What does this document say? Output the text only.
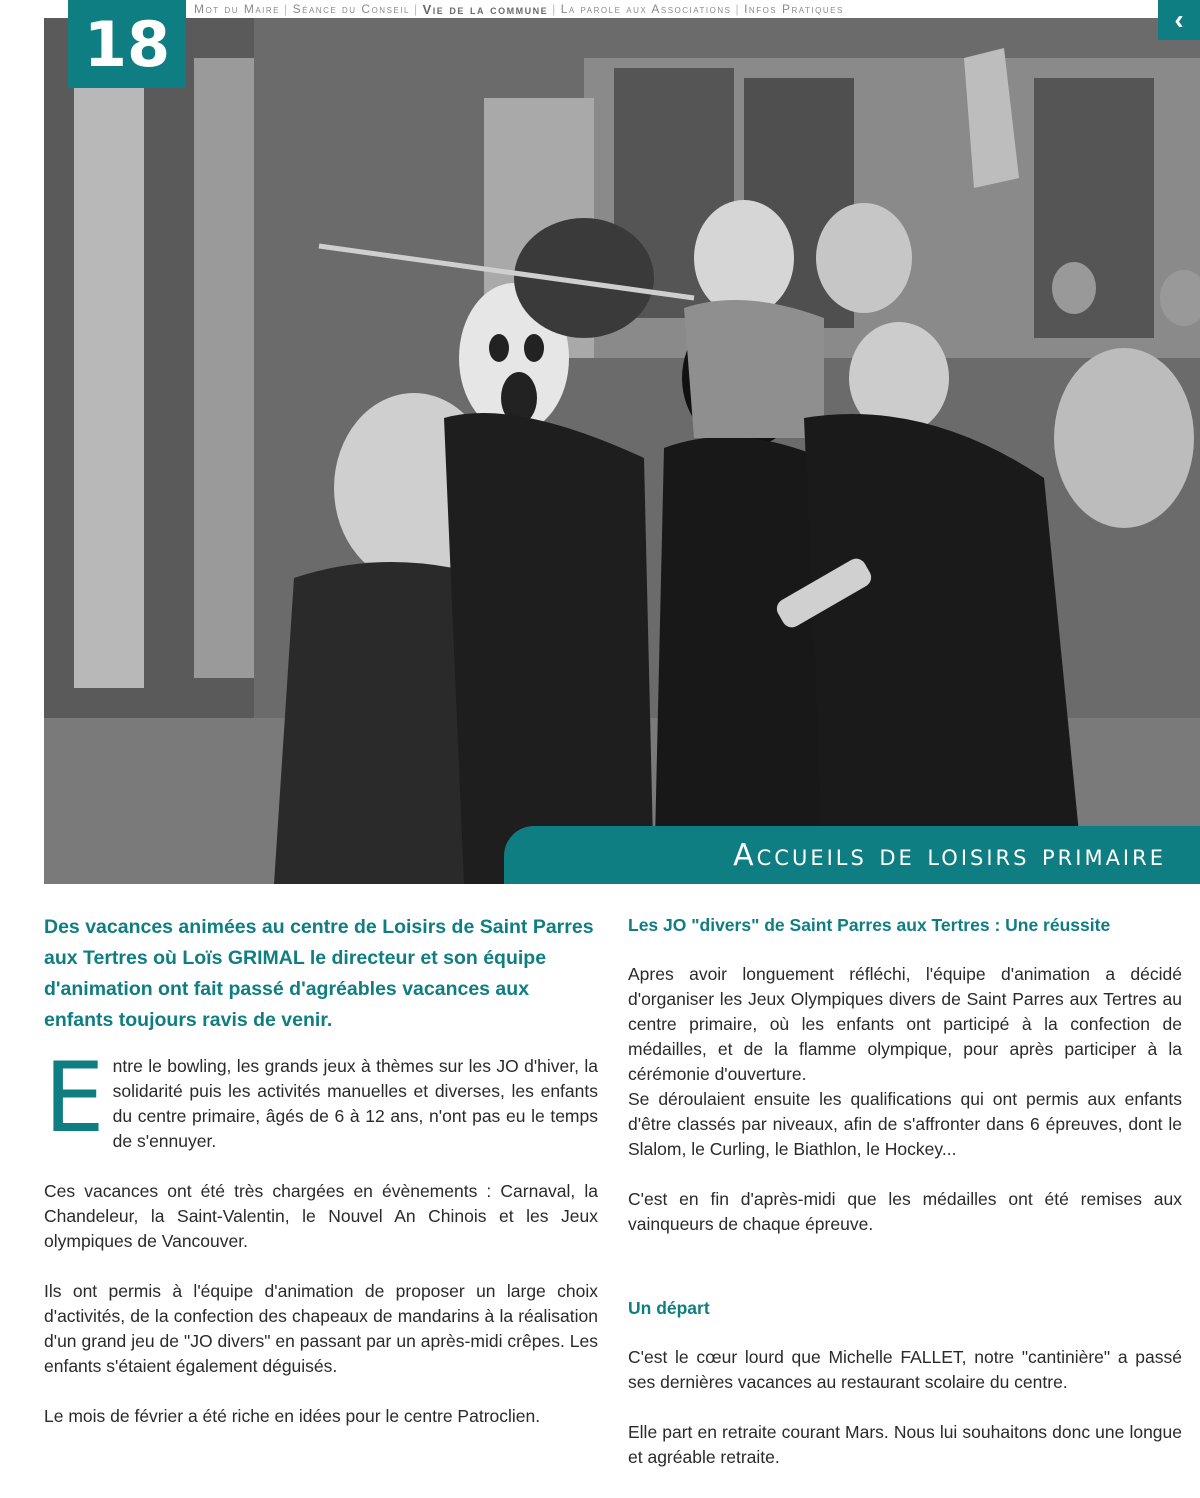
18	Mot du Maire | Séance du Conseil | Vie de la commune | La parole aux Associations | Infos Pratiques	‹
Accueils de loisirs primaire

Des vacances animées au centre de Loisirs de Saint Parres aux Tertres où Loïs GRIMAL le directeur et son équipe d'animation ont fait passé d'agréables vacances aux enfants toujours ravis de venir.

Entre le bowling, les grands jeux à thèmes sur les JO d'hiver, la solidarité puis les activités manuelles et diverses, les enfants du centre primaire, âgés de 6 à 12 ans, n'ont pas eu le temps de s'ennuyer.

Ces vacances ont été très chargées en évènements : Carnaval, la Chandeleur, la Saint-Valentin, le Nouvel An Chinois et les Jeux olympiques de Vancouver.

Ils ont permis à l'équipe d'animation de proposer un large choix d'activités, de la confection des chapeaux de mandarins à la réalisation d'un grand jeu de "JO divers" en passant par un après-midi crêpes. Les enfants s'étaient également déguisés.

Le mois de février a été riche en idées pour le centre Patroclien.

Les JO "divers" de Saint Parres aux Tertres : Une réussite

Apres avoir longuement réfléchi, l'équipe d'animation a décidé d'organiser les Jeux Olympiques divers de Saint Parres aux Tertres au centre primaire, où les enfants ont participé à la confection de médailles, et de la flamme olympique, pour après participer à la cérémonie d'ouverture.

Se déroulaient ensuite les qualifications qui ont permis aux enfants d'être classés par niveaux, afin de s'affronter dans 6 épreuves, dont le Slalom, le Curling, le Biathlon, le Hockey...

C'est en fin d'après-midi que les médailles ont été remises aux vainqueurs de chaque épreuve.

Un départ

C'est le cœur lourd que Michelle FALLET, notre "cantinière" a passé ses dernières vacances au restaurant scolaire du centre.

Elle part en retraite courant Mars. Nous lui souhaitons donc une longue et agréable retraite.
